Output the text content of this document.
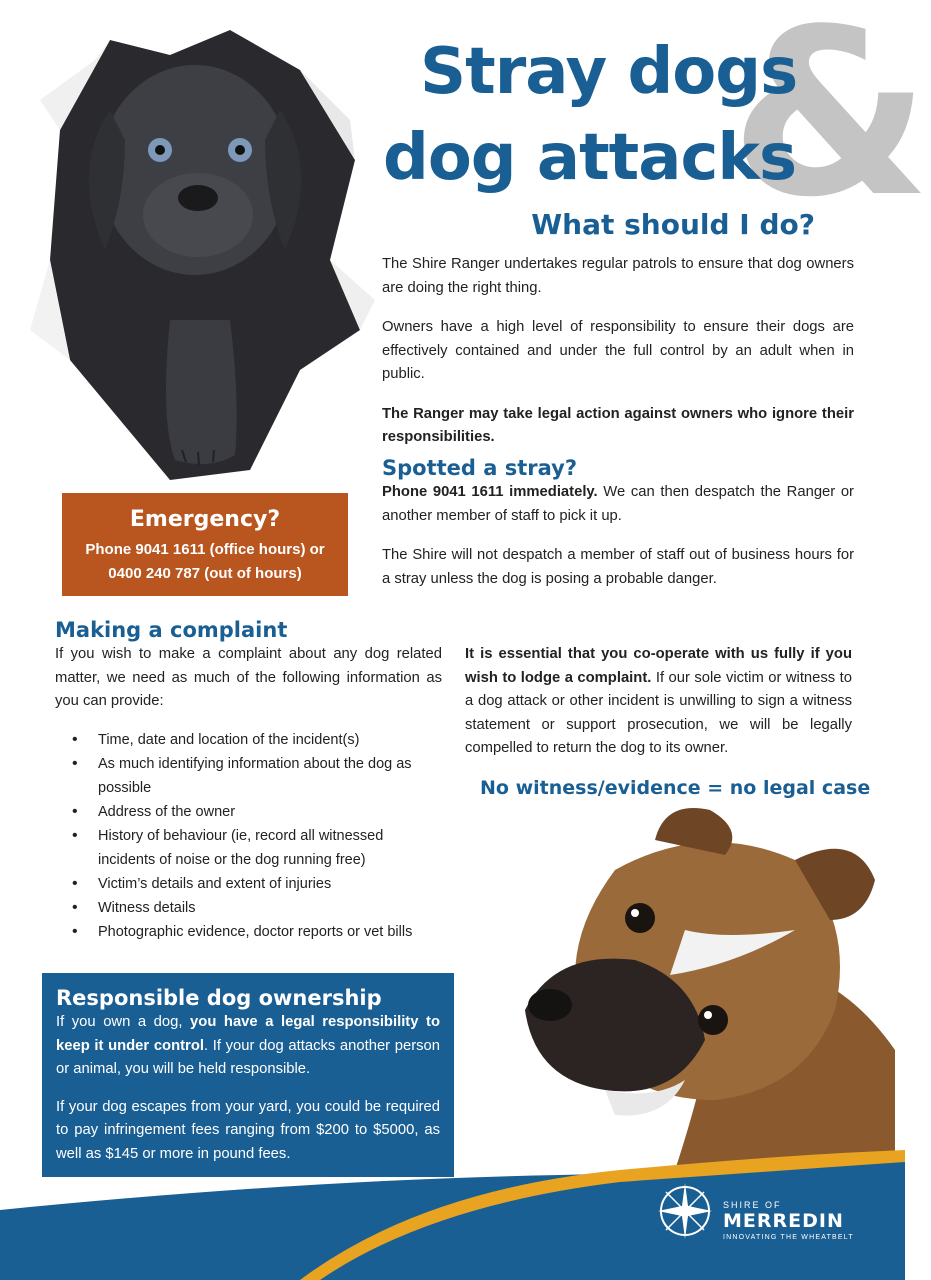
&
Stray dogs
dog attacks
What should I do?

The Shire Ranger undertakes regular patrols to ensure that dog owners are doing the right thing.

Owners have a high level of responsibility to ensure their dogs are effectively contained and under the full control by an adult when in public.

The Ranger may take legal action against owners who ignore their responsibilities.

Spotted a stray?

Phone 9041 1611 immediately. We can then despatch the Ranger or another member of staff to pick it up.

The Shire will not despatch a member of staff out of business hours for a stray unless the dog is posing a probable danger.

Emergency?
Phone 9041 1611 (office hours) or
0400 240 787 (out of hours)
Making a complaint

If you wish to make a complaint about any dog related matter, we need as much of the following information as you can provide:

• Time, date and location of the incident(s)
• As much identifying information about the dog as possible
• Address of the owner
• History of behaviour (ie, record all witnessed incidents of noise or the dog running free)
• Victim’s details and extent of injuries
• Witness details
• Photographic evidence, doctor reports or vet bills

It is essential that you co-operate with us fully if you wish to lodge a complaint. If our sole victim or witness to a dog attack or other incident is unwilling to sign a witness statement or support prosecution, we will be legally compelled to return the dog to its owner.

No witness/evidence = no legal case
Responsible dog ownership

If you own a dog, you have a legal responsibility to keep it under control. If your dog attacks another person or animal, you will be held responsible.

If your dog escapes from your yard, you could be required to pay infringement fees ranging from $200 to $5000, as well as $145 or more in pound fees.

SHIRE OF
MERREDIN
INNOVATING THE WHEATBELT
